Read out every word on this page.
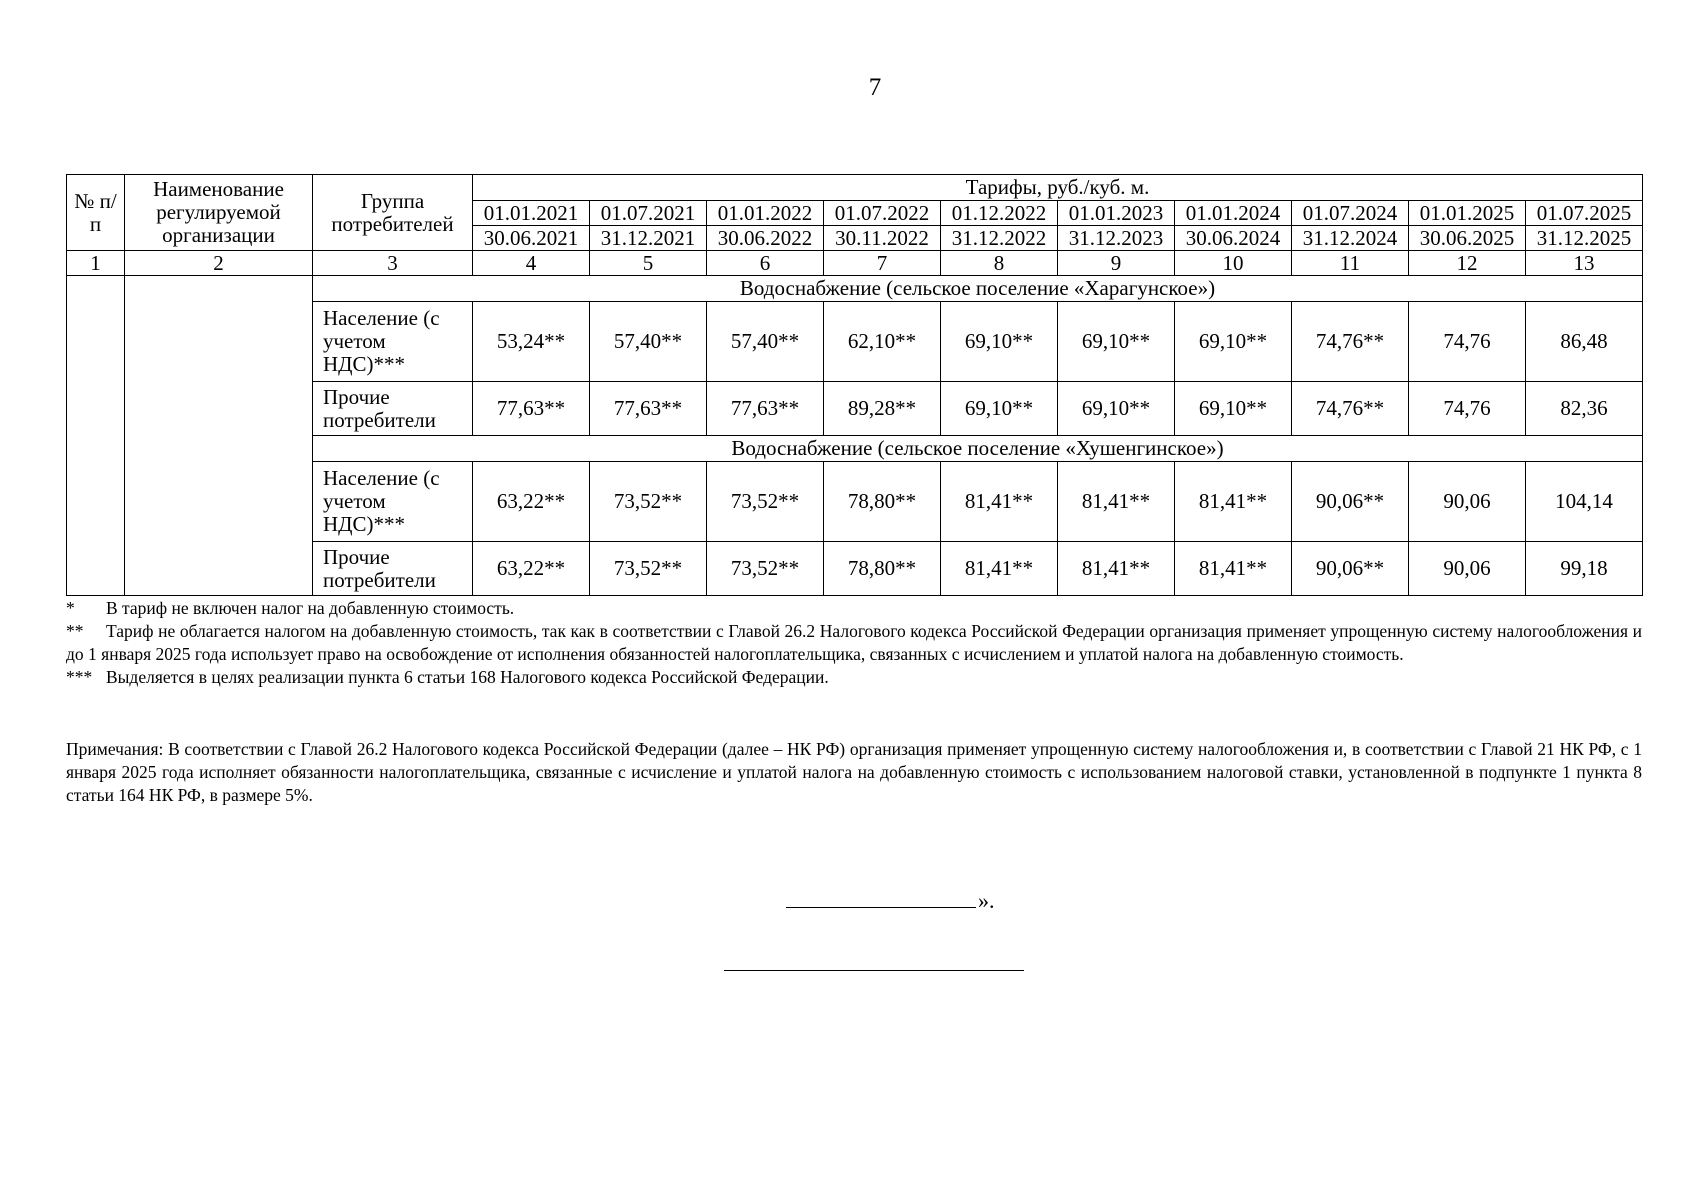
7
№ п/п	Наименование регулируемой организации	Группа потребителей	Тарифы, руб./куб. м.									
			01.01.2021	01.07.2021	01.01.2022	01.07.2022	01.12.2022	01.01.2023	01.01.2024	01.07.2024	01.01.2025	01.07.2025
			30.06.2021	31.12.2021	30.06.2022	30.11.2022	31.12.2022	31.12.2023	30.06.2024	31.12.2024	30.06.2025	31.12.2025
1	2	3	4	5	6	7	8	9	10	11	12	13
		Водоснабжение (сельское поселение «Харагунское»)										
		Население (с учетом НДС)***	53,24**	57,40**	57,40**	62,10**	69,10**	69,10**	69,10**	74,76**	74,76	86,48
		Прочие потребители	77,63**	77,63**	77,63**	89,28**	69,10**	69,10**	69,10**	74,76**	74,76	82,36
		Водоснабжение (сельское поселение «Хушенгинское»)										
		Население (с учетом НДС)***	63,22**	73,52**	73,52**	78,80**	81,41**	81,41**	81,41**	90,06**	90,06	104,14
		Прочие потребители	63,22**	73,52**	73,52**	78,80**	81,41**	81,41**	81,41**	90,06**	90,06	99,18

* В тариф не включен налог на добавленную стоимость.

** Тариф не облагается налогом на добавленную стоимость, так как в соответствии с Главой 26.2 Налогового кодекса Российской Федерации организация применяет упрощенную систему налогообложения и до 1 января 2025 года использует право на освобождение от исполнения обязанностей налогоплательщика, связанных с исчислением и уплатой налога на добавленную стоимость.

*** Выделяется в целях реализации пункта 6 статьи 168 Налогового кодекса Российской Федерации.

Примечания: В соответствии с Главой 26.2 Налогового кодекса Российской Федерации (далее – НК РФ) организация применяет упрощенную систему налогообложения и, в соответствии с Главой 21 НК РФ, с 1 января 2025 года исполняет обязанности налогоплательщика, связанные с исчисление и уплатой налога на добавленную стоимость с использованием налоговой ставки, установленной в подпункте 1 пункта 8 статьи 164 НК РФ, в размере 5%.

».
